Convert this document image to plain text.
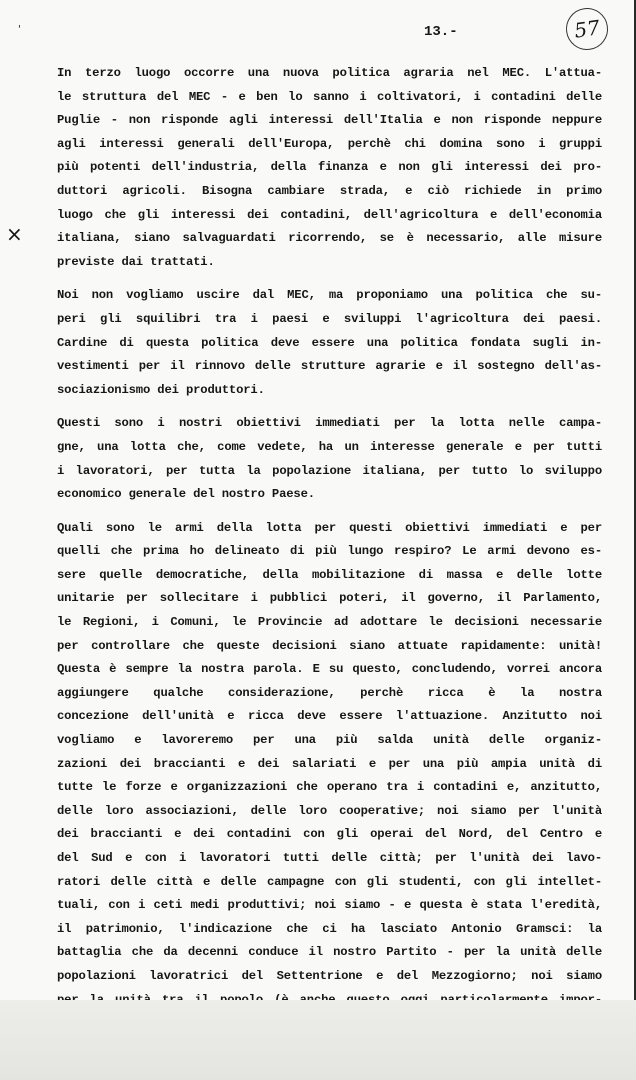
'	13.-	57
×

In terzo luogo occorre una nuova politica agraria nel MEC. L'attua-

le struttura del MEC - e ben lo sanno i coltivatori, i contadini delle

Puglie - non risponde agli interessi dell'Italia e non risponde neppure

agli interessi generali dell'Europa, perchè chi domina sono i gruppi

più potenti dell'industria, della finanza e non gli interessi dei pro-

duttori agricoli. Bisogna cambiare strada, e ciò richiede in primo

luogo che gli interessi dei contadini, dell'agricoltura e dell'economia

italiana, siano salvaguardati ricorrendo, se è necessario, alle misure

previste dai trattati.

Noi non vogliamo uscire dal MEC, ma proponiamo una politica che su-

peri gli squilibri tra i paesi e sviluppi l'agricoltura dei paesi.

Cardine di questa politica deve essere una politica fondata sugli in-

vestimenti per il rinnovo delle strutture agrarie e il sostegno dell'as-

sociazionismo dei produttori.

Questi sono i nostri obiettivi immediati per la lotta nelle campa-

gne, una lotta che, come vedete, ha un interesse generale e per tutti

i lavoratori, per tutta la popolazione italiana, per tutto lo sviluppo

economico generale del nostro Paese.

Quali sono le armi della lotta per questi obiettivi immediati e per

quelli che prima ho delineato di più lungo respiro? Le armi devono es-

sere quelle democratiche, della mobilitazione di massa e delle lotte

unitarie per sollecitare i pubblici poteri, il governo, il Parlamento,

le Regioni, i Comuni, le Provincie ad adottare le decisioni necessarie

per controllare che queste decisioni siano attuate rapidamente: unità!

Questa è sempre la nostra parola. E su questo, concludendo, vorrei ancora

aggiungere qualche considerazione, perchè ricca è la nostra

concezione dell'unità e ricca deve essere l'attuazione. Anzitutto noi

vogliamo e lavoreremo per una più salda unità delle organiz-

zazioni dei braccianti e dei salariati e per una più ampia unità di

tutte le forze e organizzazioni che operano tra i contadini e, anzitutto,

delle loro associazioni, delle loro cooperative; noi siamo per l'unità

dei braccianti e dei contadini con gli operai del Nord, del Centro e

del Sud e con i lavoratori tutti delle città; per l'unità dei lavo-

ratori delle città e delle campagne con gli studenti, con gli intellet-

tuali, con i ceti medi produttivi; noi siamo - e questa è stata l'eredità,

il patrimonio, l'indicazione che ci ha lasciato Antonio Gramsci: la

battaglia che da decenni conduce il nostro Partito - per la unità delle

popolazioni lavoratrici del Settentrione e del Mezzogiorno; noi siamo
